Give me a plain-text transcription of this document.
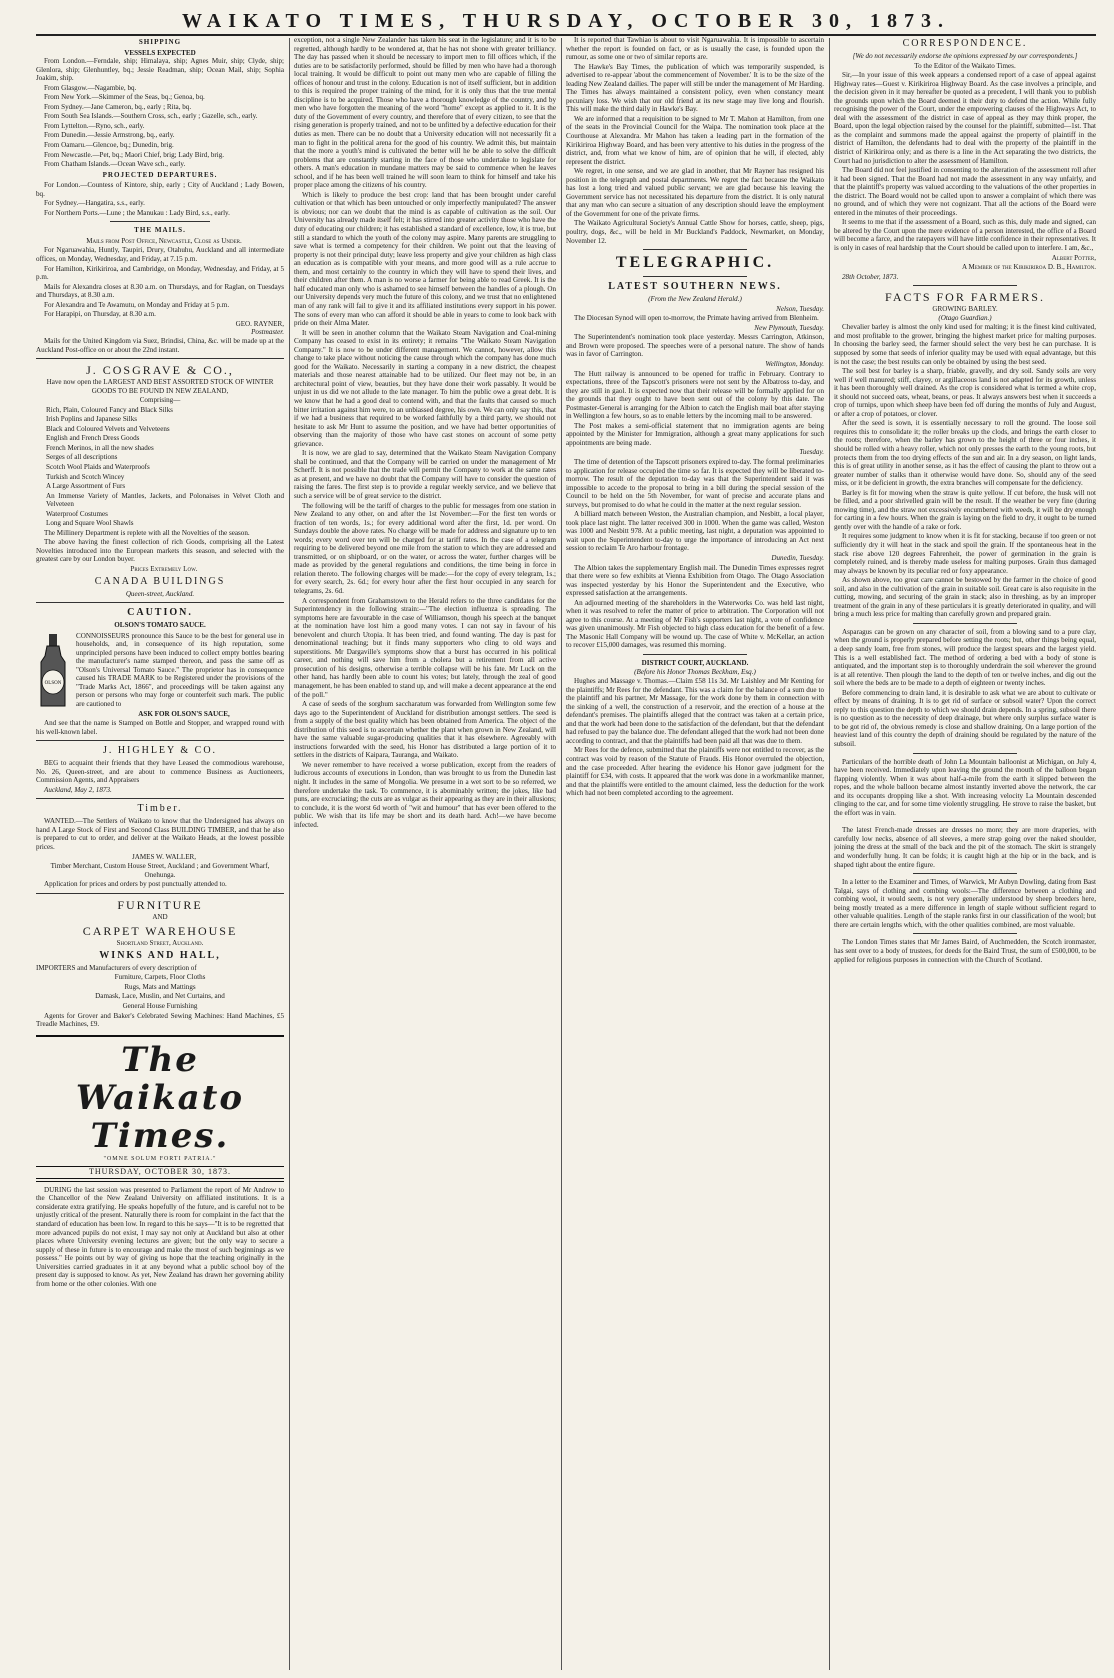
WAIKATO TIMES, THURSDAY, OCTOBER 30, 1873.
SHIPPING
VESSELS EXPECTED

From London.—Ferndale, ship; Himalaya, ship; Agnes Muir, ship; Clyde, ship; Glenlora, ship; Glenhuntley, bq.; Jessie Readman, ship; Ocean Mail, ship; Sophia Joakim, ship.

From Glasgow.—Nagambie, bq.

From New York.—Skimmer of the Seas, bq.; Genoa, bq.

From Sydney.—Jane Cameron, bq., early ; Rita, bq.

From South Sea Islands.—Southern Cross, sch., early ; Gazelle, sch., early.

From Lyttelton.—Ryno, sch., early.

From Dunedin.—Jessie Armstrong, bq., early.

From Oamaru.—Glencoe, bq.; Dunedin, brig.

From Newcastle.—Pet, bq.; Maori Chief, brig; Lady Bird, brig.

From Chatham Islands.—Ocean Wave sch., early.

PROJECTED DEPARTURES.

For London.—Countess of Kintore, ship, early ; City of Auckland ; Lady Bowen, bq.

For Sydney.—Hangatira, s.s., early.

For Northern Ports.—Lune ; the Manukau : Lady Bird, s.s., early.

THE MAILS.

Mails from Post Office, Newcastle, Close as Under.

For Ngaruawahia, Huntly, Taupiri, Drury, Otahuhu, Auckland and all intermediate offices, on Monday, Wednesday, and Friday, at 7.15 p.m.

For Hamilton, Kirikiriroa, and Cambridge, on Monday, Wednesday, and Friday, at 5 p.m.

Mails for Alexandra closes at 8.30 a.m. on Thursdays, and for Raglan, on Tuesdays and Thursdays, at 8.30 a.m.

For Alexandra and Te Awamutu, on Monday and Friday at 5 p.m.

For Harapipi, on Thursday, at 8.30 a.m.

GEO. RAYNER,
Postmaster.

Mails for the United Kingdom via Suez, Brindisi, China, &c. will be made up at the Auckland Post-office on or about the 22nd instant.

J. COSGRAVE & CO.,

Have now open the LARGEST AND BEST ASSORTED STOCK OF WINTER GOODS TO BE FOUND IN NEW ZEALAND,

Comprising—

Rich, Plain, Coloured Fancy and Black Silks

Irish Poplins and Japanese Silks

Black and Coloured Velvets and Velveteens

English and French Dress Goods

French Merinos, in all the new shades

Serges of all descriptions

Scotch Wool Plaids and Waterproofs

Turkish and Scotch Wincey

A Large Assortment of Furs

An Immense Variety of Mantles, Jackets, and Polonaises in Velvet Cloth and Velveteen

Waterproof Costumes

Long and Square Wool Shawls

The Millinery Department is replete with all the Novelties of the season.

The above having the finest collection of rich Goods, comprising all the Latest Novelties introduced into the European markets this season, and selected with the greatest care by our London buyer.

Prices Extremely Low.

CANADA BUILDINGS

Queen-street, Auckland.

CAUTION.
OLSON'S TOMATO SAUCE.
OLSON

CONNOISSEURS pronounce this Sauce to be the best for general use in households, and, in consequence of its high reputation, some unprincipled persons have been induced to collect empty bottles bearing the manufacturer's name stamped thereon, and pass the same off as "Olson's Universal Tomato Sauce." The proprietor has in consequence caused his TRADE MARK to be Registered under the provisions of the "Trade Marks Act, 1866", and proceedings will be taken against any person or persons who may forge or counterfeit such mark. The public are cautioned to

ASK FOR OLSON'S SAUCE,

And see that the name is Stamped on Bottle and Stopper, and wrapped round with his well-known label.

J. HIGHLEY & CO.

BEG to acquaint their friends that they have Leased the commodious warehouse, No. 26, Queen-street, and are about to commence Business as Auctioneers, Commission Agents, and Appraisers

Auckland, May 2, 1873.

Timber.

WANTED.—The Settlers of Waikato to know that the Undersigned has always on hand A Large Stock of First and Second Class BUILDING TIMBER, and that he also is prepared to cut to order, and deliver at the Waikato Heads, at the lowest possible prices.

JAMES W. WALLER,

Timber Merchant, Custom House Street, Auckland ; and Government Wharf, Onehunga.

Application for prices and orders by post punctually attended to.

FURNITURE
AND
CARPET WAREHOUSE
Shortland Street, Auckland.
WINKS AND HALL,

IMPORTERS and Manufacturers of every description of

Furniture, Carpets, Floor Cloths

Rugs, Mats and Mattings

Damask, Lace, Muslin, and Net Curtains, and

General House Furnishing

Agents for Grover and Baker's Celebrated Sewing Machines: Hand Machines, £5 Treadle Machines, £9.

The Waikato Times.
"OMNE SOLUM FORTI PATRIA."
THURSDAY, OCTOBER 30, 1873.

DURING the last session was presented to Parliament the report of Mr Andrew to the Chancellor of the New Zealand University on affiliated institutions. It is a considerate extra gratifying. He speaks hopefully of the future, and is careful not to be unjustly critical of the present. Naturally there is room for complaint in the fact that the standard of education has been low. In regard to this he says—"It is to be regretted that more advanced pupils do not exist, I may say not only at Auckland but also at other places where University evening lectures are given; but the only way to secure a supply of these in future is to encourage and make the most of such beginnings as we possess." He points out by way of giving us hope that the teaching originally in the Universities carried graduates in it at any beyond what a public school boy of the present day is supposed to know. As yet, New Zealand has drawn her governing ability from home or the other colonies. With one

exception, not a single New Zealander has taken his seat in the legislature; and it is to be regretted, although hardly to be wondered at, that he has not shone with greater brilliancy. The day has passed when it should be necessary to import men to fill offices which, if the duties are to be satisfactorily performed, should be filled by men who have had a thorough local training. It would be difficult to point out many men who are capable of filling the offices of honour and trust in the colony. Education is not of itself sufficient, but in addition to this is required the proper training of the mind, for it is only thus that the true mental discipline is to be acquired. Those who have a thorough knowledge of the country, and by men who have forgotten the meaning of the word "home" except as applied to it. It is the duty of the Government of every country, and therefore that of every citizen, to see that the rising generation is properly trained, and not to be unfitted by a defective education for their duties as men. There can be no doubt that a University education will not necessarily fit a man to fight in the political arena for the good of his country. We admit this, but maintain that the more a youth's mind is cultivated the better will he be able to solve the difficult problems that are constantly starting in the face of those who undertake to legislate for others. A man's education in mundane matters may be said to commence when he leaves school, and if he has been well trained he will soon learn to think for himself and take his proper place among the citizens of his country.

Which is likely to produce the best crop: land that has been brought under careful cultivation or that which has been untouched or only imperfectly manipulated? The answer is obvious; nor can we doubt that the mind is as capable of cultivation as the soil. Our University has already made itself felt; it has stirred into greater activity those who have the duty of educating our children; it has established a standard of excellence, low, it is true, but still a standard to which the youth of the colony may aspire. Many parents are struggling to save what is termed a competency for their children. We point out that the leaving of property is not their principal duty; leave less property and give your children as high class an education as is compatible with your means, and more good will as a rule accrue to them, and most certainly to the country in which they will have to spend their lives, and their children after them. A man is no worse a farmer for being able to read Greek. It is the half educated man only who is ashamed to see himself between the handles of a plough. On our University depends very much the future of this colony, and we trust that no enlightened man of any rank will fail to give it and its affiliated institutions every support in his power. The sons of every man who can afford it should be able in years to come to look back with pride on their Alma Mater.

It will be seen in another column that the Waikato Steam Navigation and Coal-mining Company has ceased to exist in its entirety; it remains "The Waikato Steam Navigation Company." It is now to be under different management. We cannot, however, allow this change to take place without noticing the cause through which the company has done much good for the Waikato. Necessarily in starting a company in a new district, the cheapest materials and those nearest attainable had to be utilized. Our fleet may not be, in an architectural point of view, beauties, but they have done their work passably. It would be unjust in us did we not allude to the late manager. To him the public owe a great debt. It is we know that he had a good deal to contend with, and that the faults that caused so much bitter irritation against him were, to an unbiassed degree, his own. We can only say this, that if we had a business that required to be worked faithfully by a third party, we should not hesitate to ask Mr Hunt to assume the position, and we have had better opportunities of observing than the majority of those who have cast stones on account of some petty grievance.

It is now, we are glad to say, determined that the Waikato Steam Navigation Company shall be continued, and that the Company will be carried on under the management of Mr Scherff. It is not possible that the trade will permit the Company to work at the same rates as at present, and we have no doubt that the Company will have to consider the question of raising the fares. The first step is to provide a regular weekly service, and we believe that such a service will be of great service to the district.

The following will be the tariff of charges to the public for messages from one station in New Zealand to any other, on and after the 1st November:—For the first ten words or fraction of ten words, 1s.; for every additional word after the first, 1d. per word. On Sundays double the above rates. No charge will be made for address and signature up to ten words; every word over ten will be charged for at tariff rates. In the case of a telegram requiring to be delivered beyond one mile from the station to which they are addressed and transmitted, or on shipboard, or on the water, or across the water, further charges will be made as provided by the general regulations and conditions, the time being in force in relation thereto. The following charges will be made:—for the copy of every telegram, 1s.; for every search, 2s. 6d.; for every hour after the first hour occupied in any search for telegrams, 2s. 6d.

A correspondent from Grahamstown to the Herald refers to the three candidates for the Superintendency in the following strain:—"The election influenza is spreading. The symptoms here are favourable in the case of Williamson, though his speech at the banquet at the nomination have lost him a good many votes. I can not say in favour of his benevolent and church Utopia. It has been tried, and found wanting. The day is past for denominational teaching; but it finds many supporters who cling to old ways and superstitions. Mr Dargaville's symptoms show that a burst has occurred in his political career, and nothing will save him from a cholera but a retirement from all active prosecution of his designs, otherwise a terrible collapse will be his fate. Mr Luck on the other hand, has hardly been able to count his votes; but lately, through the zeal of good management, he has been enabled to stand up, and will make a decent appearance at the end of the poll."

A case of seeds of the sorghum saccharatum was forwarded from Wellington some few days ago to the Superintendent of Auckland for distribution amongst settlers. The seed is from a supply of the best quality which has been obtained from America. The object of the distribution of this seed is to ascertain whether the plant when grown in New Zealand, will have the same valuable sugar-producing qualities that it has elsewhere. Agreeably with instructions forwarded with the seed, his Honor has distributed a large portion of it to settlers in the districts of Kaipara, Tauranga, and Waikato.

We never remember to have received a worse publication, except from the readers of ludicrous accounts of executions in London, than was brought to us from the Dunedin last night. It includes in the same of Mongolia. We presume in a wet sort to be so referred, we therefore undertake the task. To commence, it is abominably written; the jokes, like bad puns, are excruciating; the cuts are as vulgar as their appearing as they are in their allusions; to conclude, it is the worst 6d worth of "wit and humour" that has ever been offered to the public. We wish that its life may be short and its death hard. Ach!—we have become infected.

It is reported that Tawhiao is about to visit Ngaruawahia. It is impossible to ascertain whether the report is founded on fact, or as is usually the case, is founded upon the rumour, as some one or two of similar reports are.

The Hawke's Bay Times, the publication of which was temporarily suspended, is advertised to re-appear 'about the commencement of November.' It is to be the size of the leading New Zealand dailies. The paper will still be under the management of Mr Harding. The Times has always maintained a consistent policy, even when constancy meant pecuniary loss. We wish that our old friend at its new stage may live long and flourish. This will make the third daily in Hawke's Bay.

We are informed that a requisition to be signed to Mr T. Mahon at Hamilton, from one of the seats in the Provincial Council for the Waipa. The nomination took place at the Courthouse at Alexandra. Mr Mahon has taken a leading part in the formation of the Kirikiriroa Highway Board, and has been very attentive to his duties in the progress of the district, and, from what we know of him, are of opinion that he will, if elected, ably represent the district.

We regret, in one sense, and we are glad in another, that Mr Rayner has resigned his position in the telegraph and postal departments. We regret the fact because the Waikato has lost a long tried and valued public servant; we are glad because his leaving the Government service has not necessitated his departure from the district. It is only natural that any man who can secure a situation of any description should leave the employment of the Government for one of the private firms.

The Waikato Agricultural Society's Annual Cattle Show for horses, cattle, sheep, pigs, poultry, dogs, &c., will be held in Mr Buckland's Paddock, Newmarket, on Monday, November 12.

TELEGRAPHIC.
LATEST SOUTHERN NEWS.

(From the New Zealand Herald.)

Nelson, Tuesday.

The Diocesan Synod will open to-morrow, the Primate having arrived from Blenheim.

New Plymouth, Tuesday.

The Superintendent's nomination took place yesterday. Messrs Carrington, Atkinson, and Brown were proposed. The speeches were of a personal nature. The show of hands was in favor of Carrington.

Wellington, Monday.

The Hutt railway is announced to be opened for traffic in February. Contrary to expectations, three of the Tapscott's prisoners were not sent by the Albatross to-day, and they are still in gaol. It is expected now that their release will be formally applied for on the grounds that they ought to have been sent out of the colony by this date. The Postmaster-General is arranging for the Albion to catch the English mail boat after staying in Wellington a few hours, so as to enable letters by the incoming mail to be answered.

The Post makes a semi-official statement that no immigration agents are being appointed by the Minister for Immigration, although a great many applications for such appointments are being made.

Tuesday.

The time of detention of the Tapscott prisoners expired to-day. The formal preliminaries to application for release occupied the time so far. It is expected they will be liberated to-morrow. The result of the deputation to-day was that the Superintendent said it was impossible to accede to the proposal to bring in a bill during the special session of the Council to be held on the 5th November, for want of precise and accurate plans and surveys, but promised to do what he could in the matter at the next regular session.

A billiard match between Weston, the Australian champion, and Nesbitt, a local player, took place last night. The latter received 300 in 1000. When the game was called, Weston was 1000 and Nesbitt 978. At a public meeting, last night, a deputation was appointed to wait upon the Superintendent to-day to urge the importance of introducing an Act next session to reclaim Te Aro harbour frontage.

Dunedin, Tuesday.

The Albion takes the supplementary English mail. The Dunedin Times expresses regret that there were so few exhibits at Vienna Exhibition from Otago. The Otago Association was inspected yesterday by his Honor the Superintendent and the Executive, who expressed satisfaction at the arrangements.

An adjourned meeting of the shareholders in the Waterworks Co. was held last night, when it was resolved to refer the matter of price to arbitration. The Corporation will not agree to this course. At a meeting of Mr Fish's supporters last night, a vote of confidence was given unanimously. Mr Fish objected to high class education for the benefit of a few. The Masonic Hall Company will be wound up. The case of White v. McKellar, an action to recover £15,000 damages, was resumed this morning.

DISTRICT COURT, AUCKLAND.

(Before his Honor Thomas Beckham, Esq.)

Hughes and Massage v. Thomas.—Claim £58 11s 3d. Mr Laishley and Mr Kenting for the plaintiffs; Mr Rees for the defendant. This was a claim for the balance of a sum due to the plaintiff and his partner, Mr Massage, for the work done by them in connection with the sinking of a well, the construction of a reservoir, and the erection of a house at the defendant's premises. The plaintiffs alleged that the contract was taken at a certain price, and that the work had been done to the satisfaction of the defendant, but that the defendant had refused to pay the balance due. The defendant alleged that the work had not been done according to contract, and that the plaintiffs had been paid all that was due to them.

Mr Rees for the defence, submitted that the plaintiffs were not entitled to recover, as the contract was void by reason of the Statute of Frauds. His Honor overruled the objection, and the case proceeded. After hearing the evidence his Honor gave judgment for the plaintiff for £34, with costs. It appeared that the work was done in a workmanlike manner, and that the plaintiffs were entitled to the amount claimed, less the deduction for the work which had not been completed according to the agreement.

CORRESPONDENCE.

[We do not necessarily endorse the opinions expressed by our correspondents.]

To the Editor of the Waikato Times.

Sir,—In your issue of this week appears a condensed report of a case of appeal against Highway rates—Guest v. Kirikiriroa Highway Board. As the case involves a principle, and the decision given in it may hereafter be quoted as a precedent, I will thank you to publish the grounds upon which the Board deemed it their duty to defend the action. While fully recognising the power of the Court, under the empowering clauses of the Highways Act, to deal with the assessment of the district in case of appeal as they may think proper, the Board, upon the legal objection raised by the counsel for the plaintiff, submitted—1st. That as the complaint and summons made the appeal against the property of plaintiff in the district of Hamilton, the defendants had to deal with the property of the plaintiff in the district of Kirikiriroa only; and as there is a line in the Act separating the two districts, the Court had no jurisdiction to alter the assessment of Hamilton.

The Board did not feel justified in consenting to the alteration of the assessment roll after it had been signed. That the Board had not made the assessment in any way unfairly, and that the plaintiff's property was valued according to the valuations of the other properties in the district. The Board would not be called upon to answer a complaint of which there was no ground, and of which they were not cognizant. That all the actions of the Board were entered in the minutes of their proceedings.

It seems to me that if the assessment of a Board, such as this, duly made and signed, can be altered by the Court upon the mere evidence of a person interested, the office of a Board will become a farce, and the ratepayers will have little confidence in their representatives. It is only in cases of real hardship that the Court should be called upon to interfere. I am, &c.,

Albert Potter,

A Member of the Kirikiriroa D. B., Hamilton.

28th October, 1873.

FACTS FOR FARMERS.
GROWING BARLEY.

(Otago Guardian.)

Chevalier barley is almost the only kind used for malting; it is the finest kind cultivated, and most profitable to the grower, bringing the highest market price for malting purposes. In choosing the barley seed, the farmer should select the very best he can purchase. It is supposed by some that seeds of inferior quality may be used with equal advantage, but this is not the case; the best results can only be obtained by using the best seed.

The soil best for barley is a sharp, friable, gravelly, and dry soil. Sandy soils are very well if well manured; stiff, clayey, or argillaceous land is not adapted for its growth, unless it has been thoroughly well drained. As the crop is considered what is termed a white crop, it should not succeed oats, wheat, beans, or peas. It always answers best when it succeeds a crop of turnips, upon which sheep have been fed off during the months of July and August, or after a crop of potatoes, or clover.

After the seed is sown, it is essentially necessary to roll the ground. The loose soil requires this to consolidate it; the roller breaks up the clods, and brings the earth closer to the roots; therefore, when the barley has grown to the height of three or four inches, it should be rolled with a heavy roller, which not only presses the earth to the young roots, but protects them from the too drying effects of the sun and air. In a dry season, on light lands, this is of great utility in another sense, as it has the effect of causing the plant to throw out a greater number of stalks than it otherwise would have done. So, should any of the seed miss, or it be deficient in growth, the extra branches will compensate for the deficiency.

Barley is fit for mowing when the straw is quite yellow. If cut before, the husk will not be filled, and a poor shrivelled grain will be the result. If the weather be very fine (during mowing time), and the straw not excessively encumbered with weeds, it will be dry enough for carting in a few hours. When the grain is laying on the field to dry, it ought to be turned gently over with the handle of a rake or fork.

It requires some judgment to know when it is fit for stacking, because if too green or not sufficiently dry it will heat in the stack and spoil the grain. If the spontaneous heat in the stack rise above 120 degrees Fahrenheit, the power of germination in the grain is completely ruined, and is thereby made useless for malting purposes. Grain thus damaged may always be known by its peculiar red or foxy appearance.

As shown above, too great care cannot be bestowed by the farmer in the choice of good soil, and also in the cultivation of the grain in suitable soil. Great care is also requisite in the cutting, mowing, and securing of the grain in stack; also in threshing, as by an improper treatment of the grain in any of these particulars it is greatly deteriorated in quality, and will bring a much less price for malting than carefully grown and prepared grain.

Asparagus can be grown on any character of soil, from a blowing sand to a pure clay, when the ground is properly prepared before setting the roots; but, other things being equal, a deep sandy loam, free from stones, will produce the largest spears and the largest yield. This is a well established fact. The method of ordering a bed with a body of stone is antiquated, and the important step is to thoroughly underdrain the soil wherever the ground is at all retentive. Then plough the land to the depth of ten or twelve inches, and dig out the soil where the beds are to be made to a depth of eighteen or twenty inches.

Before commencing to drain land, it is desirable to ask what we are about to cultivate or effect by means of draining. It is to get rid of surface or subsoil water? Upon the correct reply to this question the depth to which we should drain depends. In a spring, subsoil there is no question as to the necessity of deep drainage, but where only surplus surface water is to be got rid of, the obvious remedy is close and shallow draining. On a large portion of the heaviest land of this country the depth of draining should be regulated by the nature of the subsoil.

Particulars of the horrible death of John La Mountain balloonist at Michigan, on July 4, have been received. Immediately upon leaving the ground the mouth of the balloon began flapping violently. When it was about half-a-mile from the earth it slipped between the ropes, and the whole balloon became almost instantly inverted above the network, the car and its occupants dropping like a shot. With increasing velocity La Mountain descended clinging to the car, and for some time violently struggling. He strove to raise the basket, but the effort was in vain.

The latest French-made dresses are dresses no more; they are more draperies, with carefully low necks, absence of all sleeves, a mere strap going over the naked shoulder, joining the dress at the small of the back and the pit of the stomach. The skirt is strangely and wonderfully hung. It can be folds; it is caught high at the hip or in the back, and is shaped tight about the entire figure.

In a letter to the Examiner and Times, of Warwick, Mr Aubyn Dowling, dating from Bast Talgai, says of clothing and combing wools:—The difference between a clothing and combing wool, it would seem, is not very generally understood by sheep breeders here, being mostly treated as a mere difference in length of staple without sufficient regard to other valuable qualities. Length of the staple ranks first in our classification of the wool; but there are certain lengths which, with the other qualities combined, are most valuable.

The London Times states that Mr James Baird, of Auchmedden, the Scotch ironmaster, has sent over to a body of trustees, for deeds for the Baird Trust, the sum of £500,000, to be applied for religious purposes in connection with the Church of Scotland.
